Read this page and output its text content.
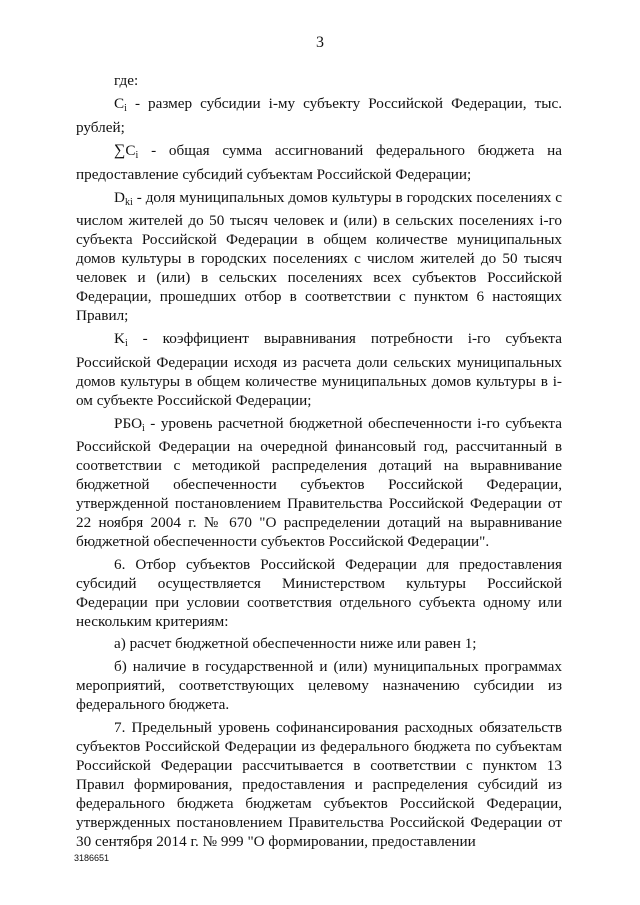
3

где:

$C_i$ - размер субсидии i-му субъекту Российской Федерации, тыс. рублей;

$\sum C_i$ - общая сумма ассигнований федерального бюджета на предоставление субсидий субъектам Российской Федерации;

$D_{ki}$ - доля муниципальных домов культуры в городских поселениях с числом жителей до 50 тысяч человек и (или) в сельских поселениях i-го субъекта Российской Федерации в общем количестве муниципальных домов культуры в городских поселениях с числом жителей до 50 тысяч человек и (или) в сельских поселениях всех субъектов Российской Федерации, прошедших отбор в соответствии с пунктом 6 настоящих Правил;

$K_i$ - коэффициент выравнивания потребности i-го субъекта Российской Федерации исходя из расчета доли сельских муниципальных домов культуры в общем количестве муниципальных домов культуры в i-ом субъекте Российской Федерации;

$РБО_i$ - уровень расчетной бюджетной обеспеченности i-го субъекта Российской Федерации на очередной финансовый год, рассчитанный в соответствии с методикой распределения дотаций на выравнивание бюджетной обеспеченности субъектов Российской Федерации, утвержденной постановлением Правительства Российской Федерации от 22 ноября 2004 г. № 670 "О распределении дотаций на выравнивание бюджетной обеспеченности субъектов Российской Федерации".

6. Отбор субъектов Российской Федерации для предоставления субсидий осуществляется Министерством культуры Российской Федерации при условии соответствия отдельного субъекта одному или нескольким критериям:

а) расчет бюджетной обеспеченности ниже или равен 1;

б) наличие в государственной и (или) муниципальных программах мероприятий, соответствующих целевому назначению субсидии из федерального бюджета.

7. Предельный уровень софинансирования расходных обязательств субъектов Российской Федерации из федерального бюджета по субъектам Российской Федерации рассчитывается в соответствии с пунктом 13 Правил формирования, предоставления и распределения субсидий из федерального бюджета бюджетам субъектов Российской Федерации, утвержденных постановлением Правительства Российской Федерации от 30 сентября 2014 г. № 999 "О формировании, предоставлении

3186651
